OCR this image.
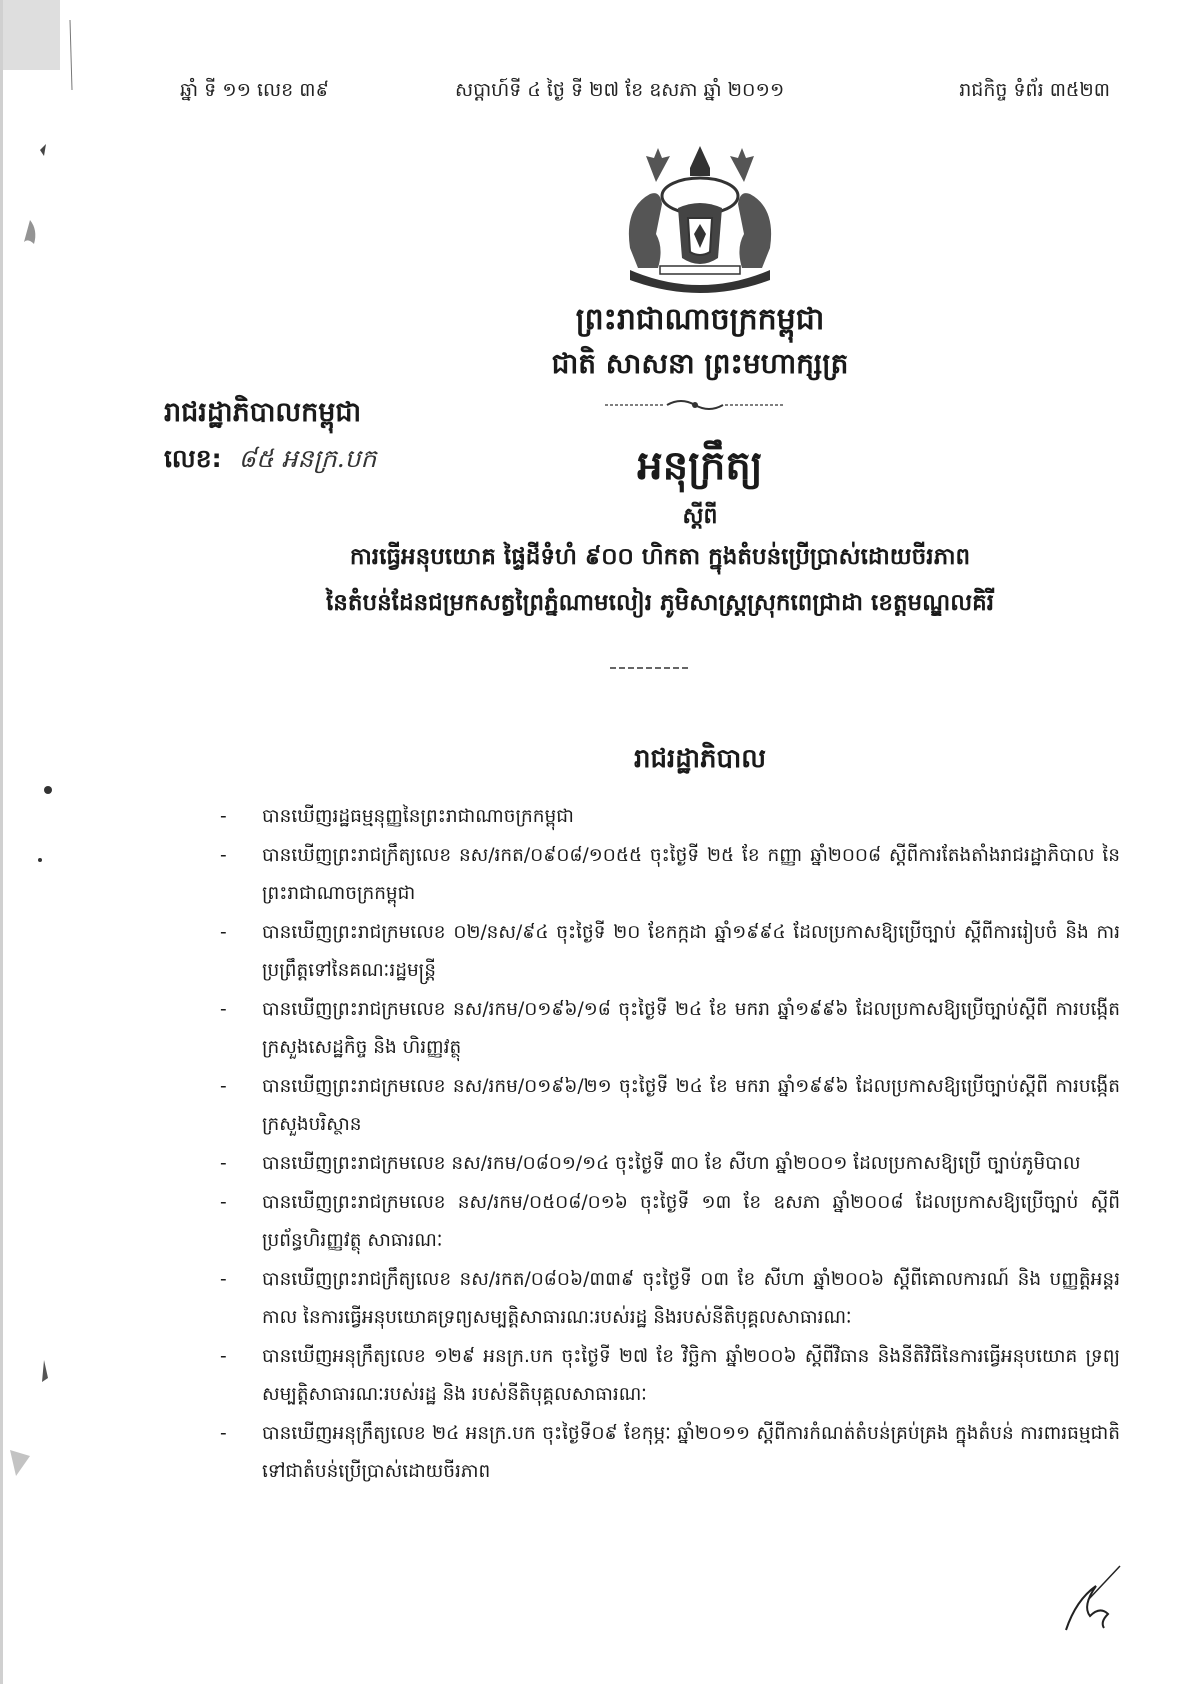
ឆ្នាំ ទី ១១ លេខ ៣៩	សប្តាហ៍ទី ៤ ថ្ងៃ ទី ២៧ ខែ ឧសភា ឆ្នាំ ២០១១	រាជកិច្ច ទំព័រ ៣៥២៣
ព្រះរាជាណាចក្រកម្ពុជា
ជាតិ សាសនា ព្រះមហាក្សត្រ
រាជរដ្ឋាភិបាលកម្ពុជា
លេខ: ៨៥ អនក្រ.បក	អនុក្រឹត្យ
ស្តីពី
ការធ្វើអនុបយោគ ផ្ទៃដីទំហំ ៩០០ ហិកតា ក្នុងតំបន់ប្រើប្រាស់ដោយចីរភាព
នៃតំបន់ដែនជម្រកសត្វព្រៃភ្នំណាមលៀរ ភូមិសាស្ត្រស្រុកពេជ្រាដា ខេត្តមណ្ឌលគិរី
រាជរដ្ឋាភិបាល
- បានឃើញរដ្ឋធម្មនុញ្ញនៃព្រះរាជាណាចក្រកម្ពុជា
- បានឃើញព្រះរាជក្រឹត្យលេខ នស/រកត/០៩០៨/១០៥៥ ចុះថ្ងៃទី ២៥ ខែ កញ្ញា ឆ្នាំ២០០៨ ស្តីពីការតែងតាំងរាជរដ្ឋាភិបាល នៃព្រះរាជាណាចក្រកម្ពុជា
- បានឃើញព្រះរាជក្រមលេខ ០២/នស/៩៤ ចុះថ្ងៃទី ២០ ខែកក្កដា ឆ្នាំ១៩៩៤ ដែលប្រកាសឱ្យប្រើច្បាប់ ស្តីពីការរៀបចំ និង ការប្រព្រឹត្តទៅនៃគណៈរដ្ឋមន្ត្រី
- បានឃើញព្រះរាជក្រមលេខ នស/រកម/០១៩៦/១៨ ចុះថ្ងៃទី ២៤ ខែ មករា ឆ្នាំ១៩៩៦ ដែលប្រកាសឱ្យប្រើច្បាប់ស្តីពី ការបង្កើតក្រសួងសេដ្ឋកិច្ច និង ហិរញ្ញវត្ថុ
- បានឃើញព្រះរាជក្រមលេខ នស/រកម/០១៩៦/២១ ចុះថ្ងៃទី ២៤ ខែ មករា ឆ្នាំ១៩៩៦ ដែលប្រកាសឱ្យប្រើច្បាប់ស្តីពី ការបង្កើតក្រសួងបរិស្ថាន
- បានឃើញព្រះរាជក្រមលេខ នស/រកម/០៨០១/១៤ ចុះថ្ងៃទី ៣០ ខែ សីហា ឆ្នាំ២០០១ ដែលប្រកាសឱ្យប្រើ ច្បាប់ភូមិបាល
- បានឃើញព្រះរាជក្រមលេខ នស/រកម/០៥០៨/០១៦ ចុះថ្ងៃទី ១៣ ខែ ឧសភា ឆ្នាំ២០០៨ ដែលប្រកាសឱ្យប្រើច្បាប់ ស្តីពីប្រព័ន្ធហិរញ្ញវត្ថុ សាធារណៈ
- បានឃើញព្រះរាជក្រឹត្យលេខ នស/រកត/០៨០៦/៣៣៩ ចុះថ្ងៃទី ០៣ ខែ សីហា ឆ្នាំ២០០៦ ស្តីពីគោលការណ៍ និង បញ្ញត្តិអន្តរកាល នៃការធ្វើអនុបយោគទ្រព្យសម្បត្តិសាធារណៈរបស់រដ្ឋ និងរបស់នីតិបុគ្គលសាធារណៈ
- បានឃើញអនុក្រឹត្យលេខ ១២៩ អនក្រ.បក ចុះថ្ងៃទី ២៧ ខែ វិច្ឆិកា ឆ្នាំ២០០៦ ស្តីពីវិធាន និងនីតិវិធីនៃការធ្វើអនុបយោគ ទ្រព្យសម្បត្តិសាធារណៈរបស់រដ្ឋ និង របស់នីតិបុគ្គលសាធារណៈ
- បានឃើញអនុក្រឹត្យលេខ ២៤ អនក្រ.បក ចុះថ្ងៃទី០៩ ខែកុម្ភៈ ឆ្នាំ២០១១ ស្តីពីការកំណត់តំបន់គ្រប់គ្រង ក្នុងតំបន់ ការពារធម្មជាតិ ទៅជាតំបន់ប្រើប្រាស់ដោយចីរភាព
